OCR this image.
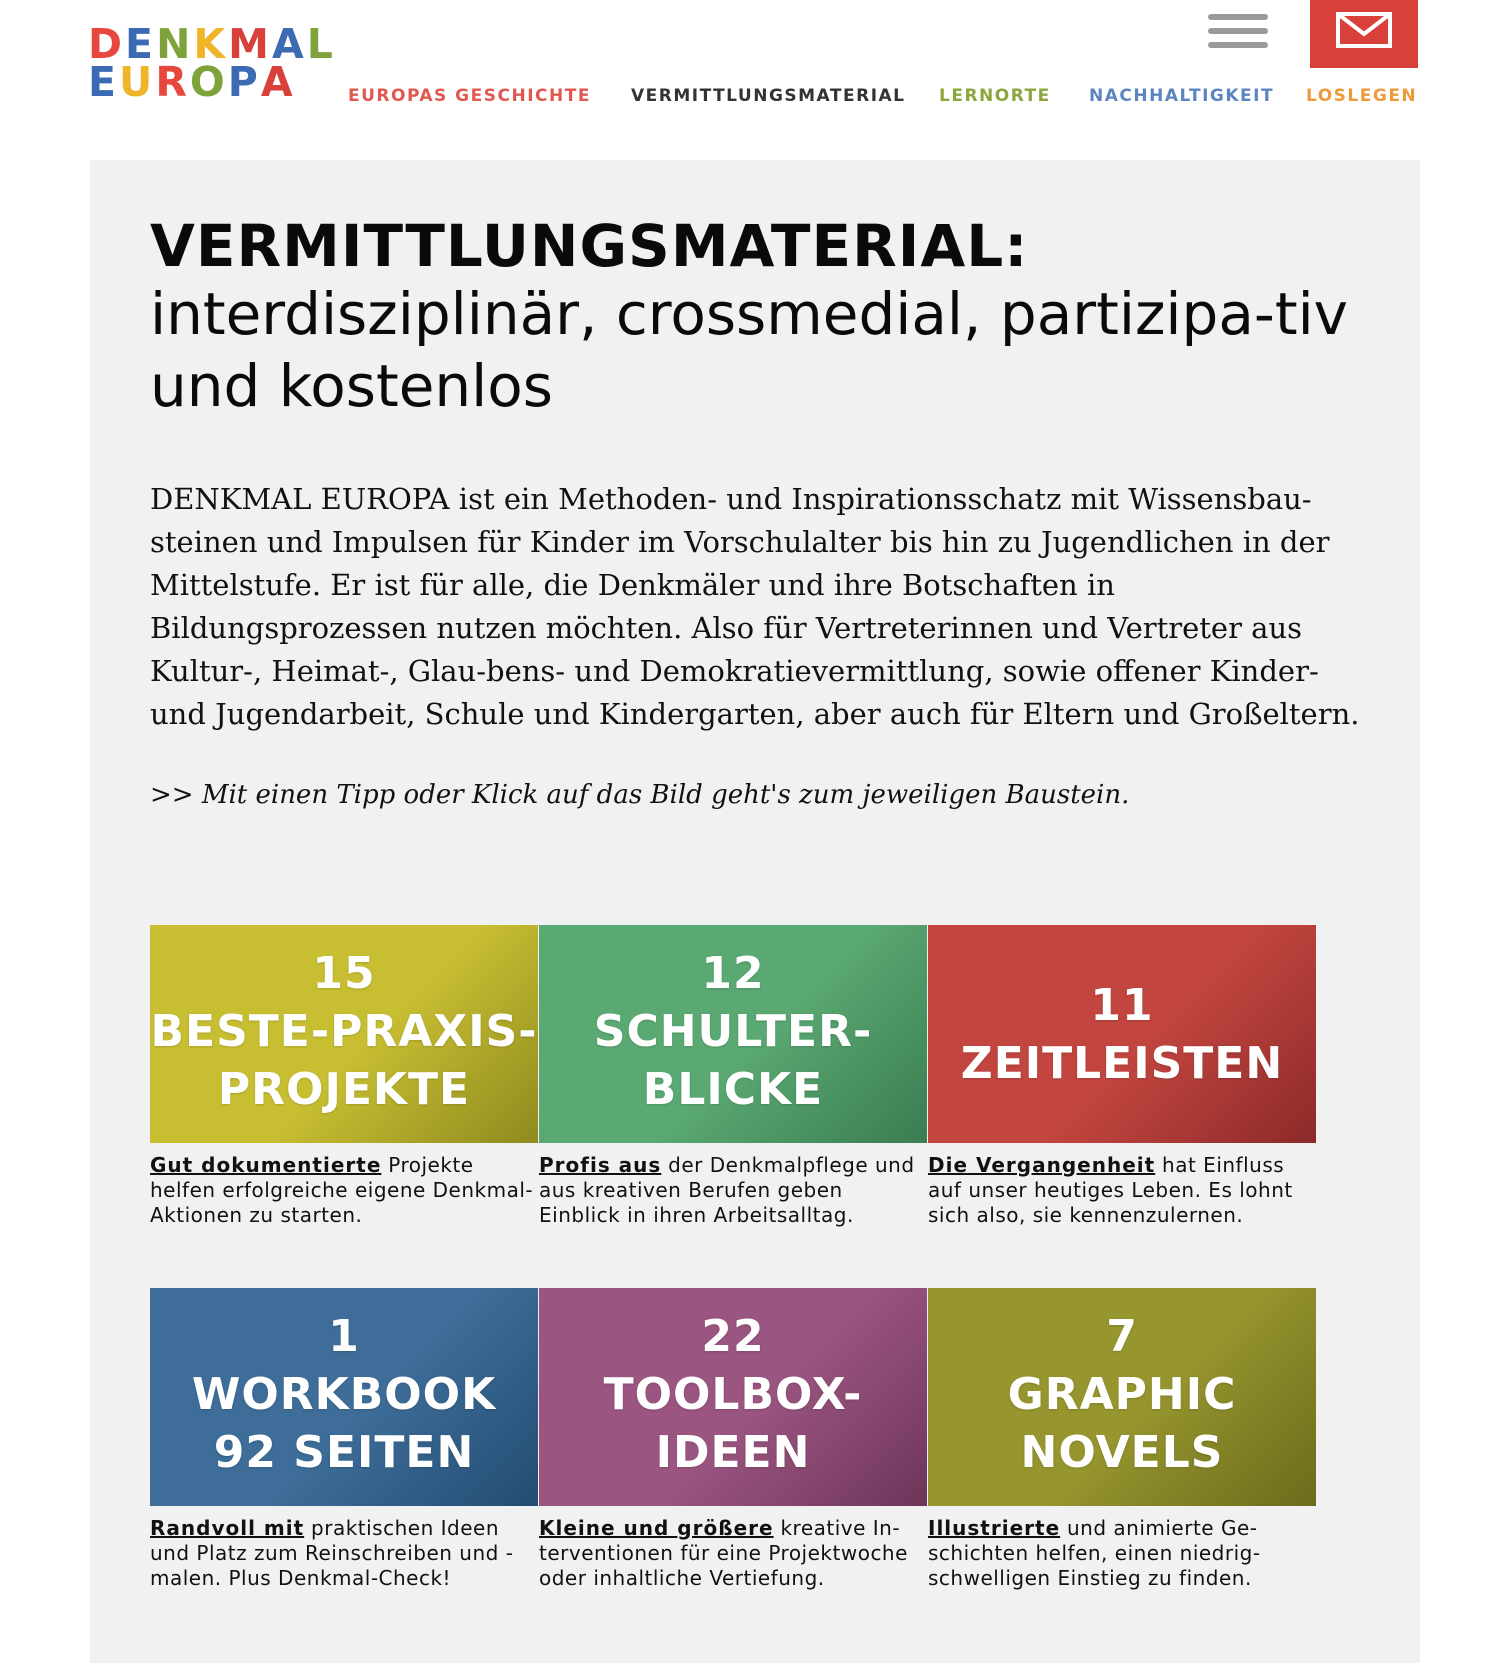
DENKMAL
EUROPA	EUROPAS GESCHICHTE VERMITTLUNGSMATERIAL LERNORTE NACHHALTIGKEIT LOSLEGEN
VERMITTLUNGSMATERIAL:
interdisziplinär, crossmedial, partizipa-tiv und kostenlos
DENKMAL EUROPA ist ein Methoden- und Inspirationsschatz mit Wissensbau-steinen und Impulsen für Kinder im Vorschulalter bis hin zu Jugendlichen in der Mittelstufe. Er ist für alle, die Denkmäler und ihre Botschaften in Bildungsprozessen nutzen möchten. Also für Vertreterinnen und Vertreter aus Kultur-, Heimat-, Glau-bens- und Demokratievermittlung, sowie offener Kinder- und Jugendarbeit, Schule und Kindergarten, aber auch für Eltern und Großeltern.
>> Mit einen Tipp oder Klick auf das Bild geht's zum jeweiligen Baustein.
15
BESTE-PRAXIS-
PROJEKTE
Gut dokumentierte Projekte helfen erfolgreiche eigene Denkmal-Aktionen zu starten.
12
SCHULTER-
BLICKE
Profis aus der Denkmalpflege und aus kreativen Berufen geben Einblick in ihren Arbeitsalltag.
11
ZEITLEISTEN
Die Vergangenheit hat Einfluss auf unser heutiges Leben. Es lohnt sich also, sie kennenzulernen.
1
WORKBOOK
92 SEITEN
Randvoll mit praktischen Ideen und Platz zum Reinschreiben und -malen. Plus Denkmal-Check!
22
TOOLBOX-
IDEEN
Kleine und größere kreative In-terventionen für eine Projektwoche oder inhaltliche Vertiefung.
7
GRAPHIC
NOVELS
Illustrierte und animierte Ge-schichten helfen, einen niedrig-schwelligen Einstieg zu finden.
